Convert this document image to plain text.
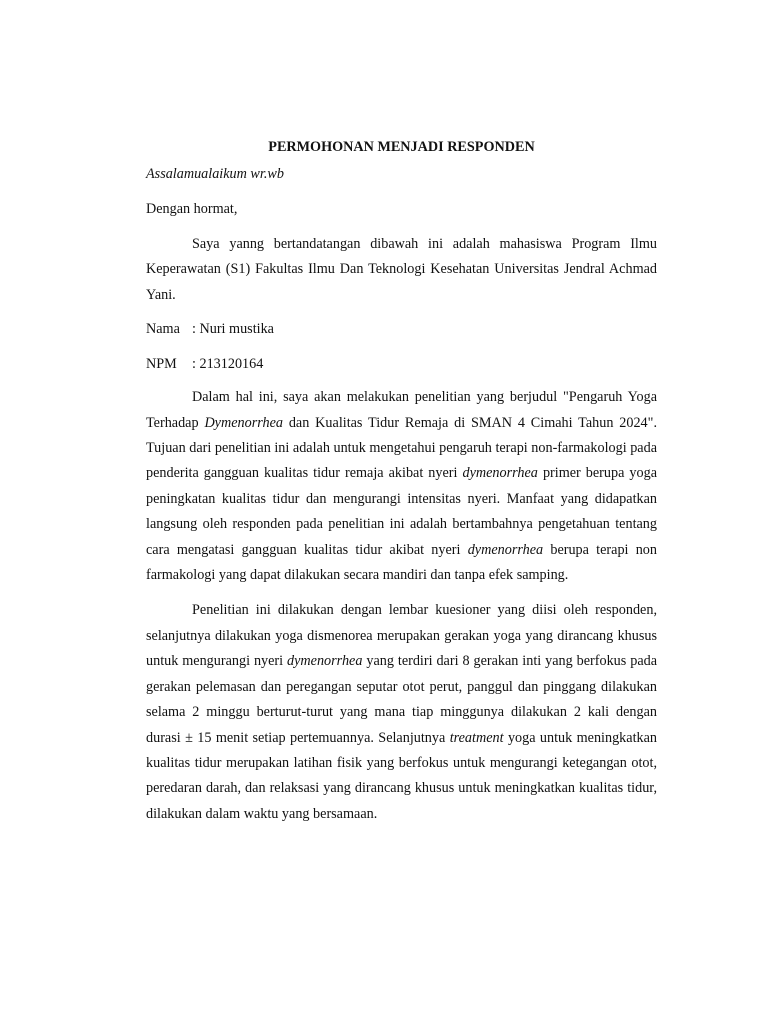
PERMOHONAN MENJADI RESPONDEN

Assalamualaikum wr.wb

Dengan hormat,

Saya yanng bertandatangan dibawah ini adalah mahasiswa Program Ilmu Keperawatan (S1) Fakultas Ilmu Dan Teknologi Kesehatan Universitas Jendral Achmad Yani.

Nama : Nuri mustika
NPM	: 213120164

Dalam hal ini, saya akan melakukan penelitian yang berjudul "Pengaruh Yoga Terhadap Dymenorrhea dan Kualitas Tidur Remaja di SMAN 4 Cimahi Tahun 2024". Tujuan dari penelitian ini adalah untuk mengetahui pengaruh terapi non-farmakologi pada penderita gangguan kualitas tidur remaja akibat nyeri dymenorrhea primer berupa yoga peningkatan kualitas tidur dan mengurangi intensitas nyeri. Manfaat yang didapatkan langsung oleh responden pada penelitian ini adalah bertambahnya pengetahuan tentang cara mengatasi gangguan kualitas tidur akibat nyeri dymenorrhea berupa terapi non farmakologi yang dapat dilakukan secara mandiri dan tanpa efek samping.

Penelitian ini dilakukan dengan lembar kuesioner yang diisi oleh responden, selanjutnya dilakukan yoga dismenorea merupakan gerakan yoga yang dirancang khusus untuk mengurangi nyeri dymenorrhea yang terdiri dari 8 gerakan inti yang berfokus pada gerakan pelemasan dan peregangan seputar otot perut, panggul dan pinggang dilakukan selama 2 minggu berturut-turut yang mana tiap minggunya dilakukan 2 kali dengan durasi ± 15 menit setiap pertemuannya. Selanjutnya treatment yoga untuk meningkatkan kualitas tidur merupakan latihan fisik yang berfokus untuk mengurangi ketegangan otot, peredaran darah, dan relaksasi yang dirancang khusus untuk meningkatkan kualitas tidur, dilakukan dalam waktu yang bersamaan.
